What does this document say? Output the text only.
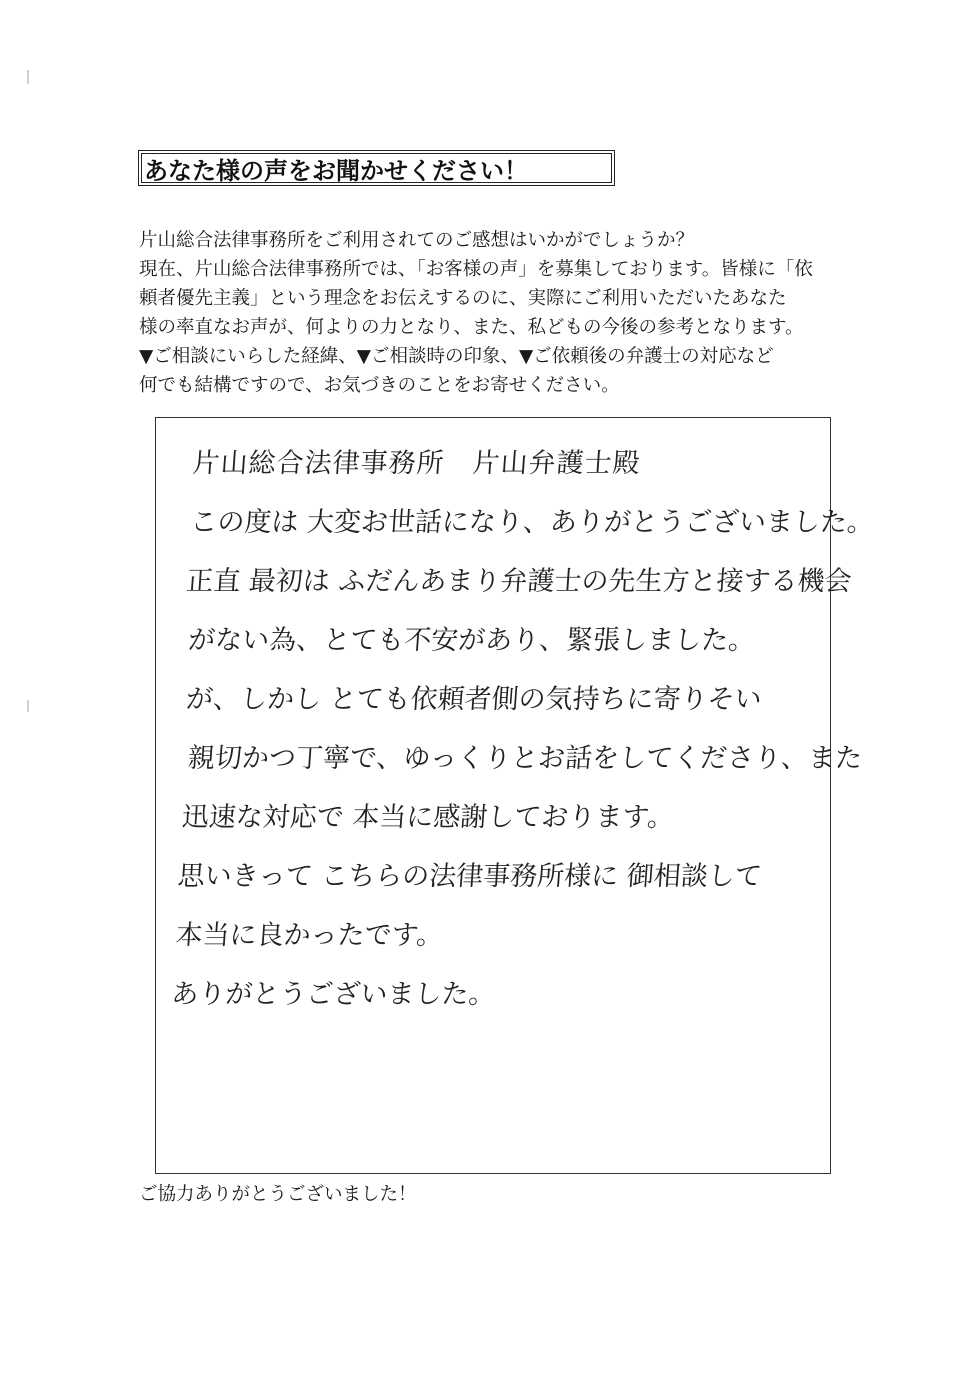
あなた様の声をお聞かせください！
片山総合法律事務所をご利用されてのご感想はいかがでしょうか？
現在、片山総合法律事務所では、「お客様の声」を募集しております。皆様に「依
頼者優先主義」という理念をお伝えするのに、実際にご利用いただいたあなた
様の率直なお声が、何よりの力となり、また、私どもの今後の参考となります。
▼ご相談にいらした経緯、▼ご相談時の印象、▼ご依頼後の弁護士の対応など
何でも結構ですので、お気づきのことをお寄せください。
片山総合法律事務所　片山弁護士殿
この度は 大変お世話になり、ありがとうございました。
正直 最初は ふだんあまり弁護士の先生方と接する機会
がない為、とても不安があり、緊張しました。
が、しかし とても依頼者側の気持ちに寄りそい
親切かつ丁寧で、ゆっくりとお話をしてくださり、また
迅速な対応で 本当に感謝しております。
思いきって こちらの法律事務所様に 御相談して
本当に良かったです。
ありがとうございました。
ご協力ありがとうございました！
